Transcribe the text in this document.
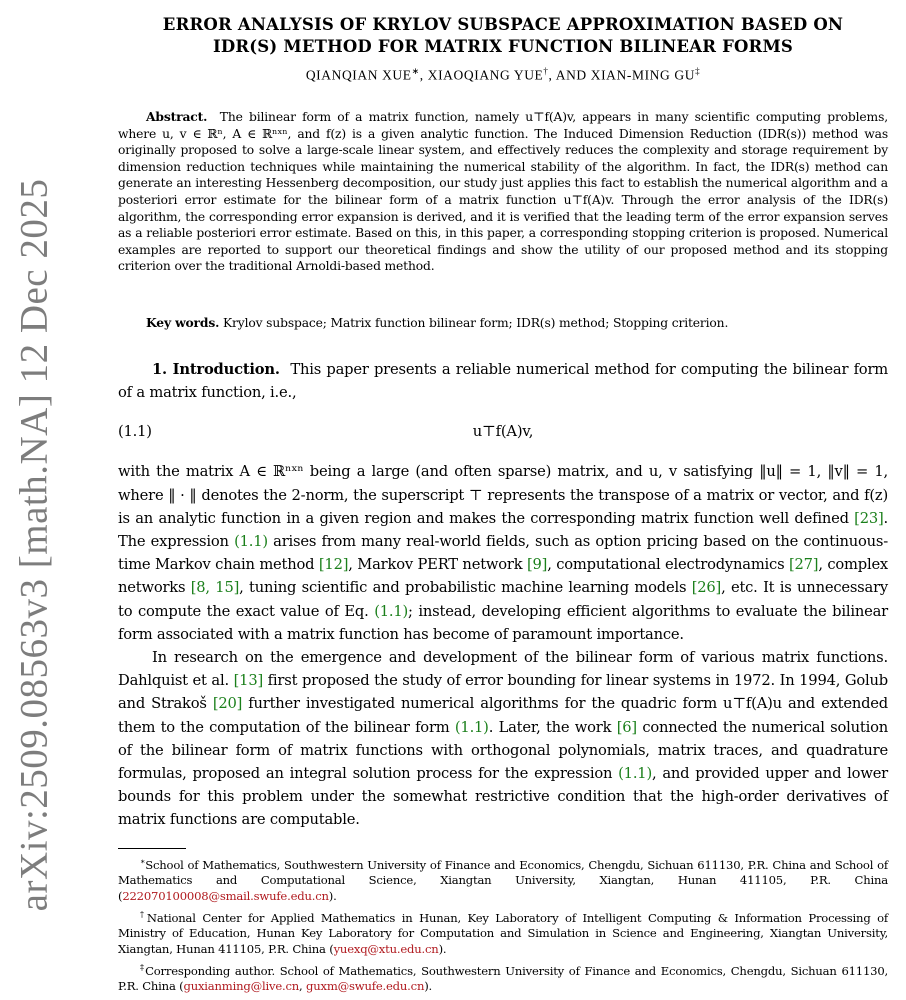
arXiv:2509.08563v3 [math.NA] 12 Dec 2025
ERROR ANALYSIS OF KRYLOV SUBSPACE APPROXIMATION BASED ON
IDR(S) METHOD FOR MATRIX FUNCTION BILINEAR FORMS
QIANQIAN XUE∗, XIAOQIANG YUE†, AND XIAN-MING GU‡

Abstract. The bilinear form of a matrix function, namely u⊤f(A)v, appears in many scientific computing problems, where u, v ∈ ℝⁿ, A ∈ ℝⁿˣⁿ, and f(z) is a given analytic function. The Induced Dimension Reduction (IDR(s)) method was originally proposed to solve a large-scale linear system, and effectively reduces the complexity and storage requirement by dimension reduction techniques while maintaining the numerical stability of the algorithm. In fact, the IDR(s) method can generate an interesting Hessenberg decomposition, our study just applies this fact to establish the numerical algorithm and a posteriori error estimate for the bilinear form of a matrix function u⊤f(A)v. Through the error analysis of the IDR(s) algorithm, the corresponding error expansion is derived, and it is verified that the leading term of the error expansion serves as a reliable posteriori error estimate. Based on this, in this paper, a corresponding stopping criterion is proposed. Numerical examples are reported to support our theoretical findings and show the utility of our proposed method and its stopping criterion over the traditional Arnoldi-based method.

Key words. Krylov subspace; Matrix function bilinear form; IDR(s) method; Stopping criterion.

1. Introduction. This paper presents a reliable numerical method for computing the bilinear form of a matrix function, i.e.,

(1.1)	u⊤f(A)v,

with the matrix A ∈ ℝⁿˣⁿ being a large (and often sparse) matrix, and u, v satisfying ‖u‖ = 1, ‖v‖ = 1, where ‖ · ‖ denotes the 2-norm, the superscript ⊤ represents the transpose of a matrix or vector, and f(z) is an analytic function in a given region and makes the corresponding matrix function well defined [23]. The expression (1.1) arises from many real-world fields, such as option pricing based on the continuous-time Markov chain method [12], Markov PERT network [9], computational electrodynamics [27], complex networks [8, 15], tuning scientific and probabilistic machine learning models [26], etc. It is unnecessary to compute the exact value of Eq. (1.1); instead, developing efficient algorithms to evaluate the bilinear form associated with a matrix function has become of paramount importance.

In research on the emergence and development of the bilinear form of various matrix functions. Dahlquist et al. [13] first proposed the study of error bounding for linear systems in 1972. In 1994, Golub and Strakoš [20] further investigated numerical algorithms for the quadric form u⊤f(A)u and extended them to the computation of the bilinear form (1.1). Later, the work [6] connected the numerical solution of the bilinear form of matrix functions with orthogonal polynomials, matrix traces, and quadrature formulas, proposed an integral solution process for the expression (1.1), and provided upper and lower bounds for this problem under the somewhat restrictive condition that the high-order derivatives of matrix functions are computable.

∗School of Mathematics, Southwestern University of Finance and Economics, Chengdu, Sichuan 611130, P.R. China and School of Mathematics and Computational Science, Xiangtan University, Xiangtan, Hunan 411105, P.R. China (222070100008@smail.swufe.edu.cn).

†National Center for Applied Mathematics in Hunan, Key Laboratory of Intelligent Computing & Information Processing of Ministry of Education, Hunan Key Laboratory for Computation and Simulation in Science and Engineering, Xiangtan University, Xiangtan, Hunan 411105, P.R. China (yuexq@xtu.edu.cn).

‡Corresponding author. School of Mathematics, Southwestern University of Finance and Economics, Chengdu, Sichuan 611130, P.R. China (guxianming@live.cn, guxm@swufe.edu.cn).
